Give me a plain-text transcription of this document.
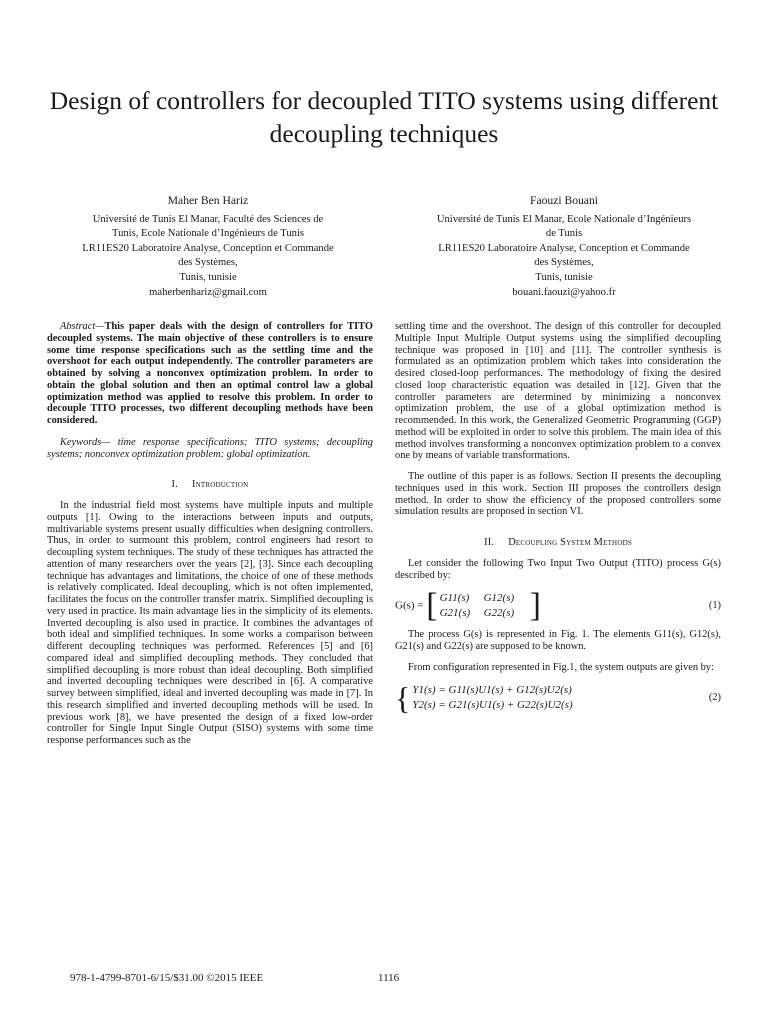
Design of controllers for decoupled TITO systems using different decoupling techniques
Maher Ben Hariz
Université de Tunis El Manar, Faculté des Sciences de
Tunis, Ecole Nationale d’Ingénieurs de Tunis
LR11ES20 Laboratoire Analyse, Conception et Commande
des Systèmes,
Tunis, tunisie
maherbenhariz@gmail.com
Faouzi Bouani
Université de Tunis El Manar, Ecole Nationale d’Ingénieurs
de Tunis
LR11ES20 Laboratoire Analyse, Conception et Commande
des Systèmes,
Tunis, tunisie
bouani.faouzi@yahoo.fr

Abstract—This paper deals with the design of controllers for TITO decoupled systems. The main objective of these controllers is to ensure some time response specifications such as the settling time and the overshoot for each output independently. The controller parameters are obtained by solving a nonconvex optimization problem. In order to obtain the global solution and then an optimal control law a global optimization method was applied to resolve this problem. In order to decouple TITO processes, two different decoupling methods have been considered.

Keywords— time response specifications; TITO systems; decoupling systems; nonconvex optimization problem; global optimization.

I. Introduction

In the industrial field most systems have multiple inputs and multiple outputs [1]. Owing to the interactions between inputs and outputs, multivariable systems present usually difficulties when designing controllers. Thus, in order to surmount this problem, control engineers had resort to decoupling system techniques. The study of these techniques has attracted the attention of many researchers over the years [2], [3]. Since each decoupling technique has advantages and limitations, the choice of one of these methods is relatively complicated. Ideal decoupling, which is not often implemented, facilitates the focus on the controller transfer matrix. Simplified decoupling is very used in practice. Its main advantage lies in the simplicity of its elements. Inverted decoupling is also used in practice. It combines the advantages of both ideal and simplified techniques. In some works a comparison between different decoupling techniques was performed. References [5] and [6] compared ideal and simplified decoupling methods. They concluded that simplified decoupling is more robust than ideal decoupling. Both simplified and inverted decoupling techniques were described in [6]. A comparative survey between simplified, ideal and inverted decoupling was made in [7]. In this research simplified and inverted decoupling methods will be used. In previous work [8], we have presented the design of a fixed low-order controller for Single Input Single Output (SISO) systems with some time response performances such as the

settling time and the overshoot. The design of this controller for decoupled Multiple Input Multiple Output systems using the simplified decoupling technique was proposed in [10] and [11]. The controller synthesis is formulated as an optimization problem which takes into consideration the desired closed-loop performances. The methodology of fixing the desired closed loop characteristic equation was detailed in [12]. Given that the controller parameters are determined by minimizing a nonconvex optimization problem, the use of a global optimization method is recommended. In this work, the Generalized Geometric Programming (GGP) method will be exploited in order to solve this problem. The main idea of this method involves transforming a nonconvex optimization problem to a convex one by means of variable transformations.

The outline of this paper is as follows. Section II presents the decoupling techniques used in this work. Section III proposes the controllers design method. In order to show the efficiency of the proposed controllers some simulation results are proposed in section VI.

II. Decoupling System Methods

Let consider the following Two Input Two Output (TITO) process G(s) described by:

G(s) = [ G11(s) G12(s)
G21(s) G22(s) ]	(1)

The process G(s) is represented in Fig. 1. The elements G11(s), G12(s), G21(s) and G22(s) are supposed to be known.

From configuration represented in Fig.1, the system outputs are given by:

{ Y1(s) = G11(s)U1(s) + G12(s)U2(s)
Y2(s) = G21(s)U1(s) + G22(s)U2(s)
(2)
978-1-4799-8701-6/15/$31.00 ©2015 IEEE	1116
